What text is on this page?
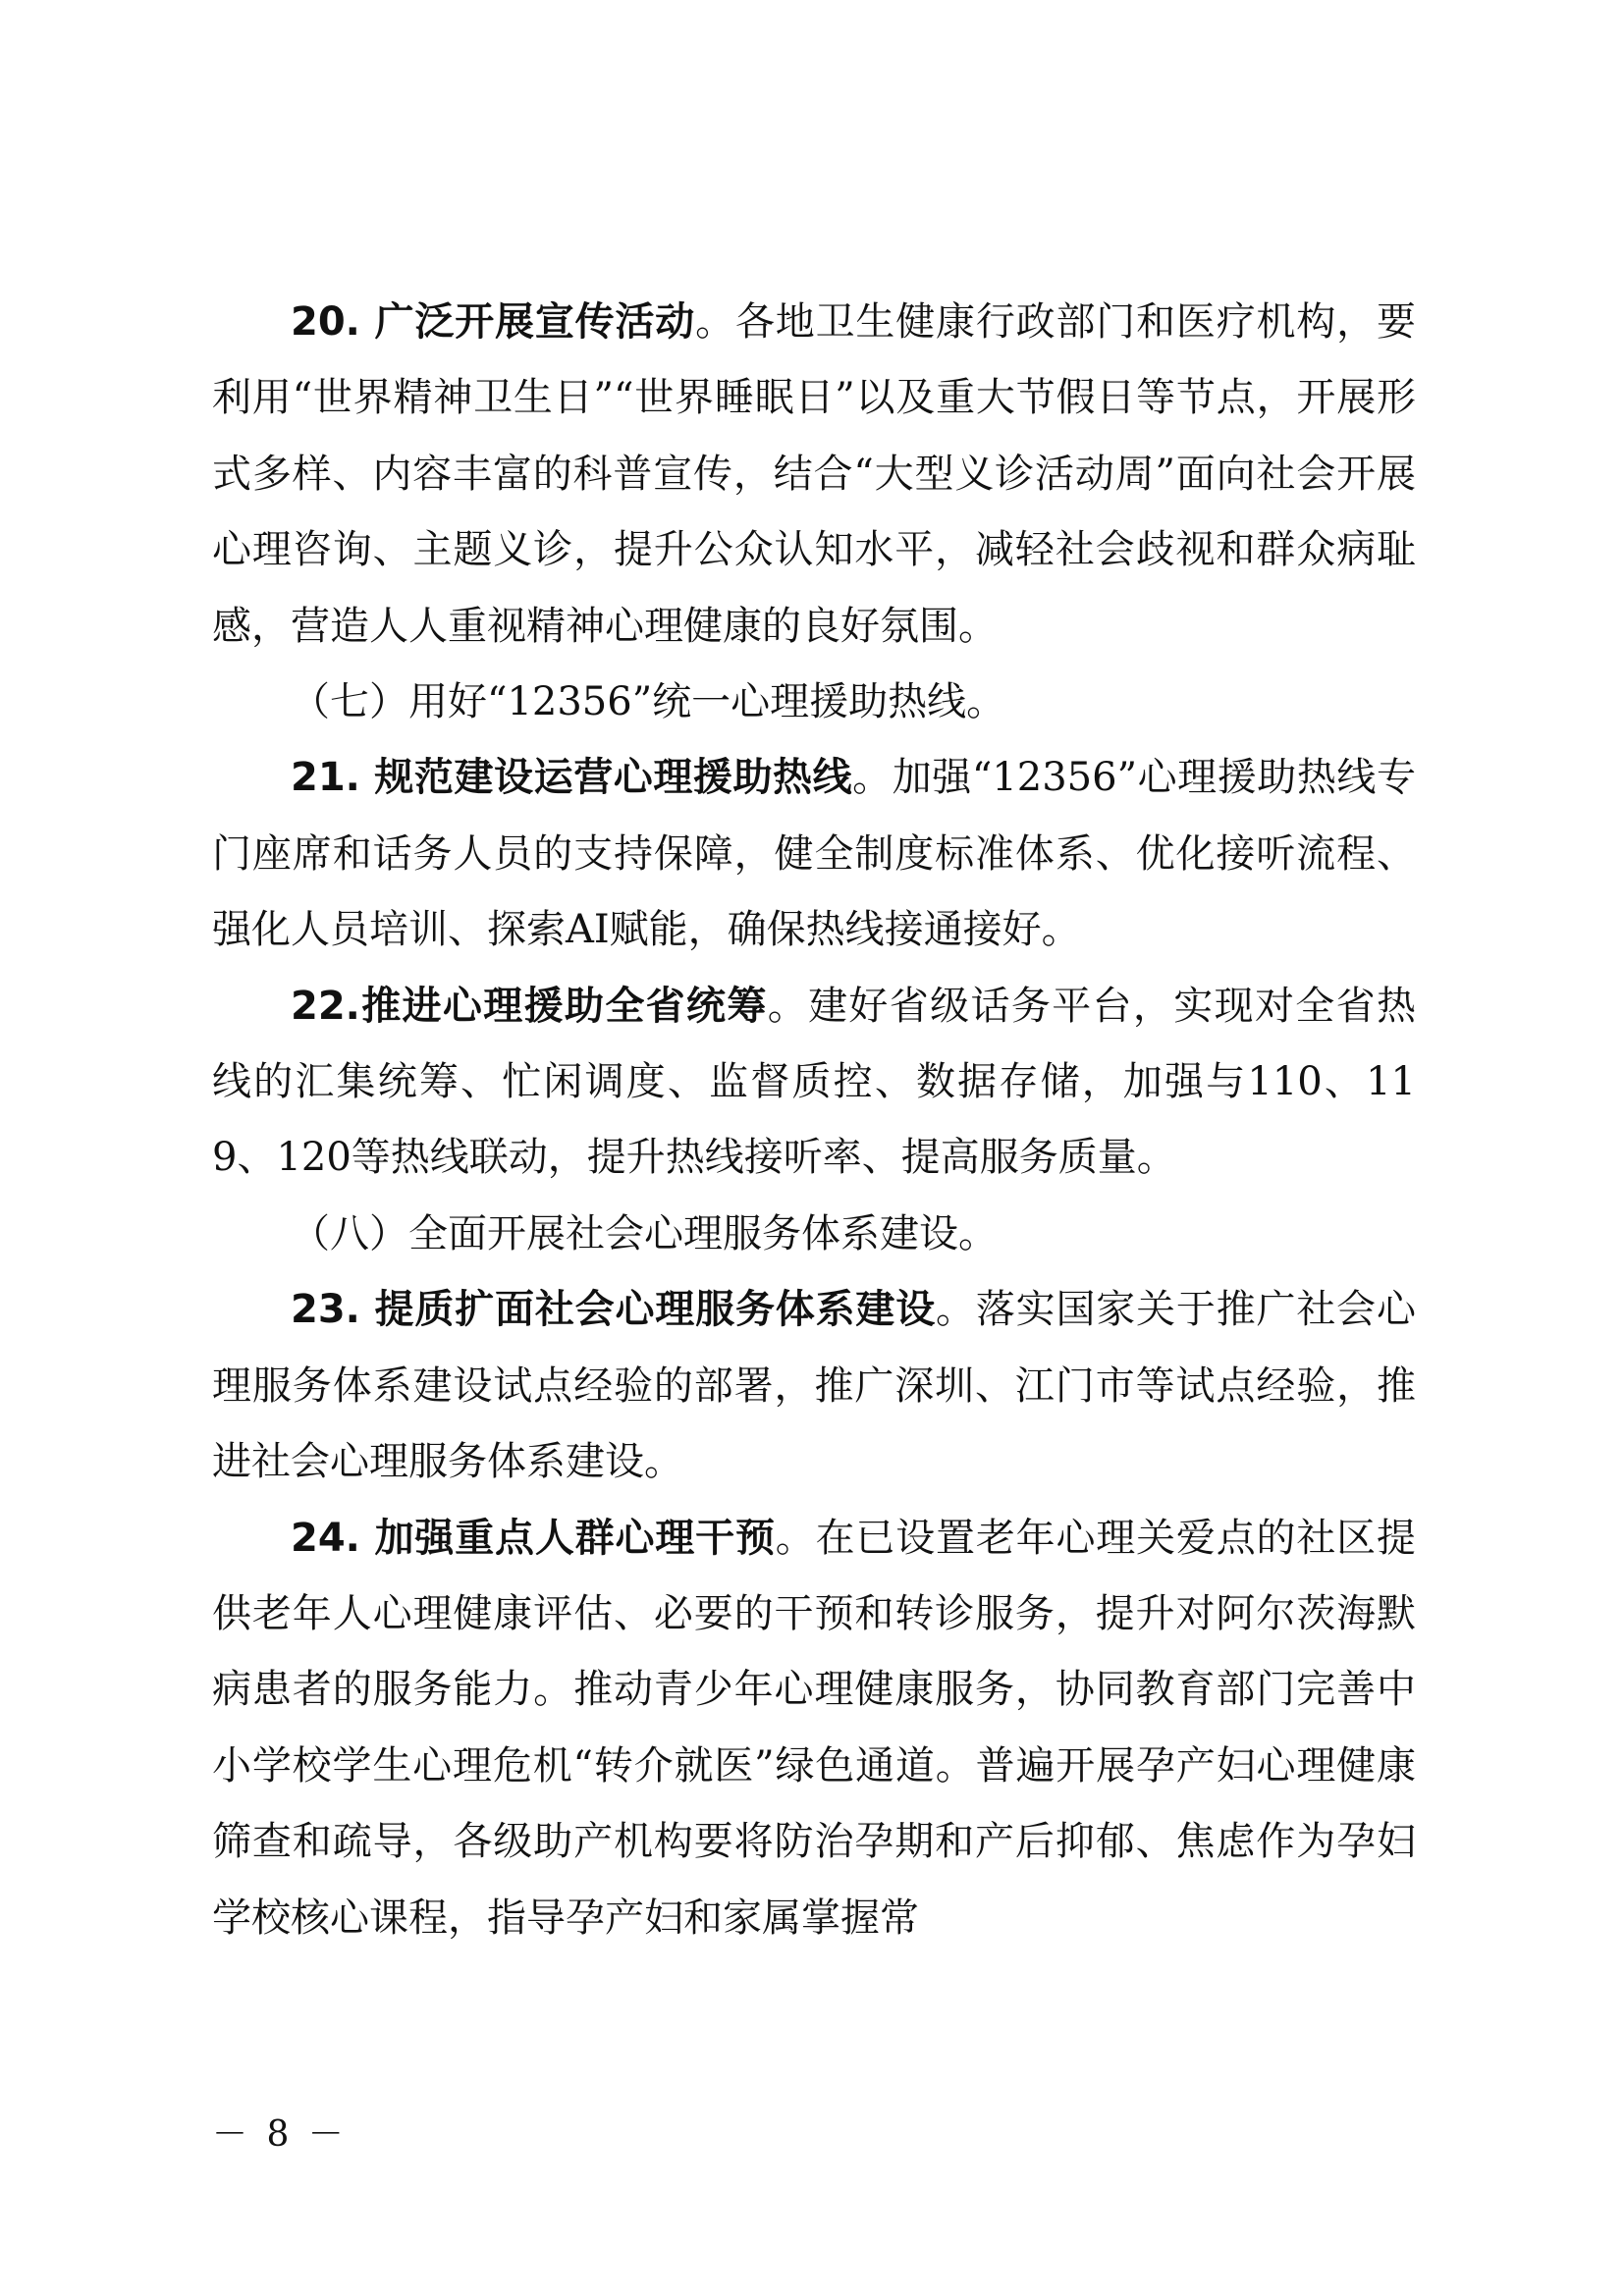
20. 广泛开展宣传活动。各地卫生健康行政部门和医疗机构，要利用“世界精神卫生日”“世界睡眠日”以及重大节假日等节点，开展形式多样、内容丰富的科普宣传，结合“大型义诊活动周”面向社会开展心理咨询、主题义诊，提升公众认知水平，减轻社会歧视和群众病耻感，营造人人重视精神心理健康的良好氛围。

（七）用好“12356”统一心理援助热线。

21. 规范建设运营心理援助热线。加强“12356”心理援助热线专门座席和话务人员的支持保障，健全制度标准体系、优化接听流程、强化人员培训、探索AI赋能，确保热线接通接好。

22.推进心理援助全省统筹。建好省级话务平台，实现对全省热线的汇集统筹、忙闲调度、监督质控、数据存储，加强与110、119、120等热线联动，提升热线接听率、提高服务质量。

（八）全面开展社会心理服务体系建设。

23. 提质扩面社会心理服务体系建设。落实国家关于推广社会心理服务体系建设试点经验的部署，推广深圳、江门市等试点经验，推进社会心理服务体系建设。

24. 加强重点人群心理干预。在已设置老年心理关爱点的社区提供老年人心理健康评估、必要的干预和转诊服务，提升对阿尔茨海默病患者的服务能力。推动青少年心理健康服务，协同教育部门完善中小学校学生心理危机“转介就医”绿色通道。普遍开展孕产妇心理健康筛查和疏导，各级助产机构要将防治孕期和产后抑郁、焦虑作为孕妇学校核心课程，指导孕产妇和家属掌握常

－ 8 －
